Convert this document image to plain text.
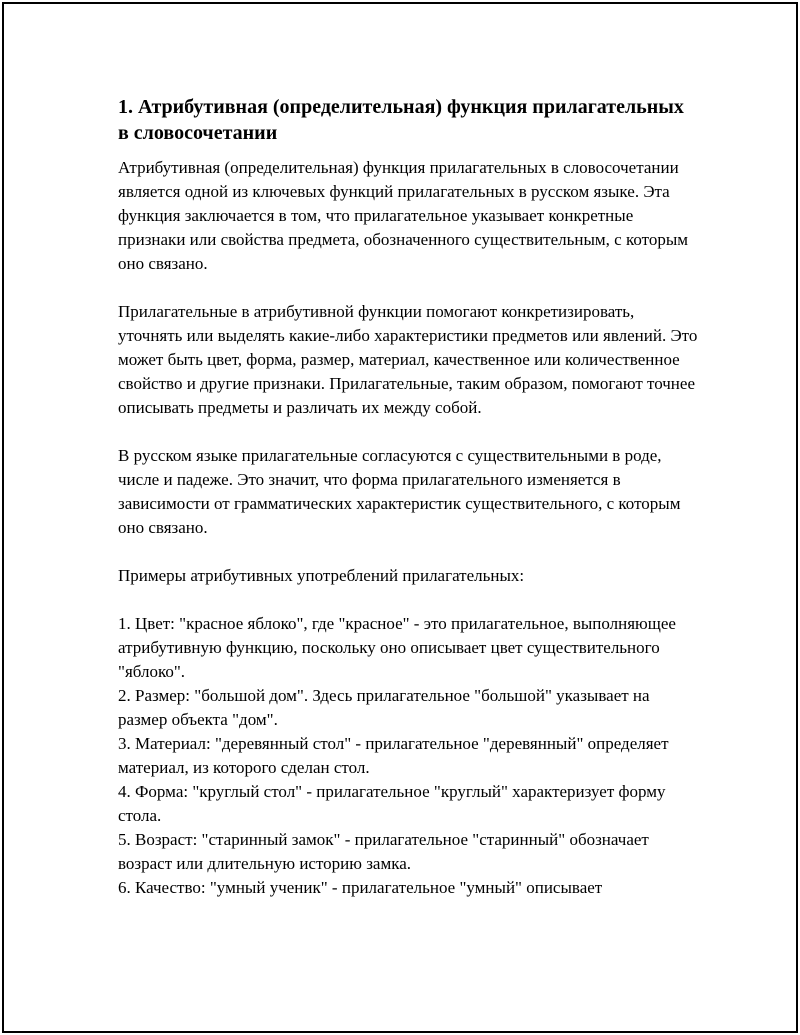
1. Атрибутивная (определительная) функция прилагательных в словосочетании

Атрибутивная (определительная) функция прилагательных в словосочетании является одной из ключевых функций прилагательных в русском языке. Эта функция заключается в том, что прилагательное указывает конкретные признаки или свойства предмета, обозначенного существительным, с которым оно связано.

Прилагательные в атрибутивной функции помогают конкретизировать, уточнять или выделять какие-либо характеристики предметов или явлений. Это может быть цвет, форма, размер, материал, качественное или количественное свойство и другие признаки. Прилагательные, таким образом, помогают точнее описывать предметы и различать их между собой.

В русском языке прилагательные согласуются с существительными в роде, числе и падеже. Это значит, что форма прилагательного изменяется в зависимости от грамматических характеристик существительного, с которым оно связано.

Примеры атрибутивных употреблений прилагательных:

1. Цвет: "красное яблоко", где "красное" - это прилагательное, выполняющее атрибутивную функцию, поскольку оно описывает цвет существительного "яблоко".
2. Размер: "большой дом". Здесь прилагательное "большой" указывает на размер объекта "дом".
3. Материал: "деревянный стол" - прилагательное "деревянный" определяет материал, из которого сделан стол.
4. Форма: "круглый стол" - прилагательное "круглый" характеризует форму стола.
5. Возраст: "старинный замок" - прилагательное "старинный" обозначает возраст или длительную историю замка.
6. Качество: "умный ученик" - прилагательное "умный" описывает
